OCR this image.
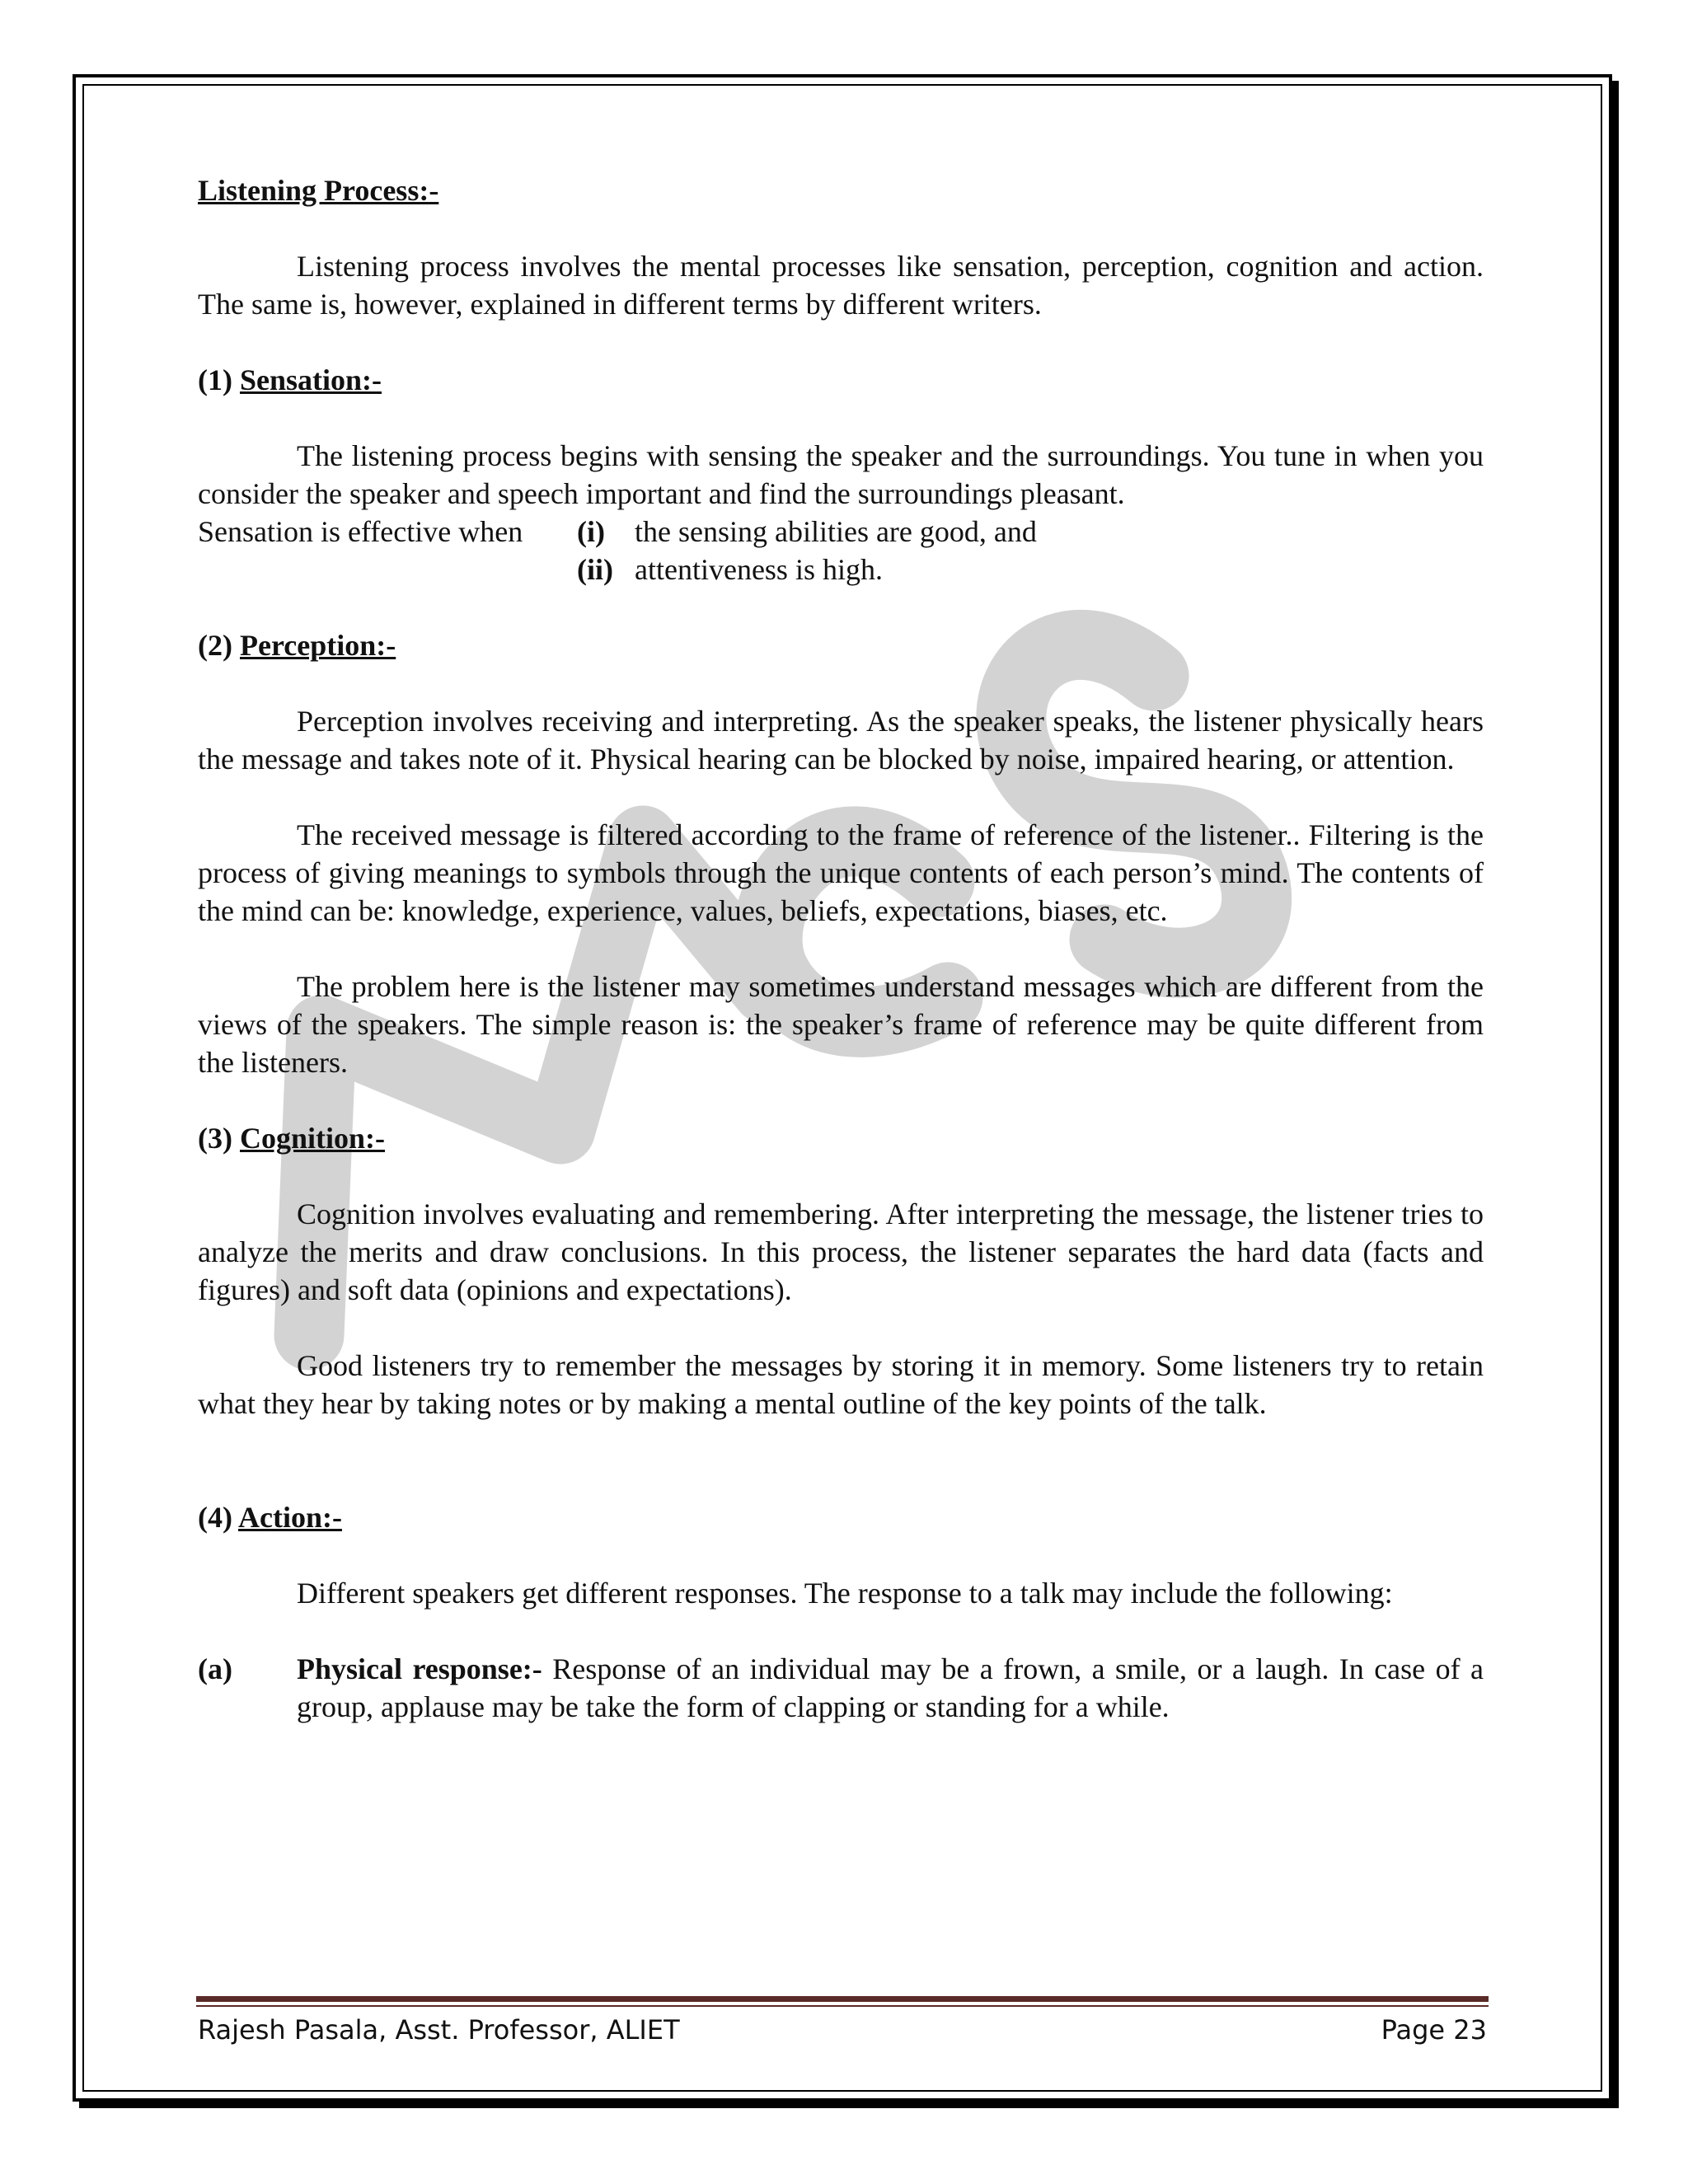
Listening Process:-

Listening process involves the mental processes like sensation, perception, cognition and action. The same is, however, explained in different terms by different writers.

(1) Sensation:-

The listening process begins with sensing the speaker and the surroundings. You tune in when you consider the speaker and speech important and find the surroundings pleasant.

Sensation is effective when (i) the sensing abilities are good, and
(ii) attentiveness is high.
(2) Perception:-

Perception involves receiving and interpreting. As the speaker speaks, the listener physically hears the message and takes note of it. Physical hearing can be blocked by noise, impaired hearing, or attention.

The received message is filtered according to the frame of reference of the listener.. Filtering is the process of giving meanings to symbols through the unique contents of each person’s mind. The contents of the mind can be: knowledge, experience, values, beliefs, expectations, biases, etc.

The problem here is the listener may sometimes understand messages which are different from the views of the speakers. The simple reason is: the speaker’s frame of reference may be quite different from the listeners.

(3) Cognition:-

Cognition involves evaluating and remembering. After interpreting the message, the listener tries to analyze the merits and draw conclusions. In this process, the listener separates the hard data (facts and figures) and soft data (opinions and expectations).

Good listeners try to remember the messages by storing it in memory. Some listeners try to retain what they hear by taking notes or by making a mental outline of the key points of the talk.

(4) Action:-

Different speakers get different responses. The response to a talk may include the following:

(a) Physical response:- Response of an individual may be a frown, a smile, or a laugh. In case of a group, applause may be take the form of clapping or standing for a while.
Rajesh Pasala, Asst. Professor, ALIET	Page 23
